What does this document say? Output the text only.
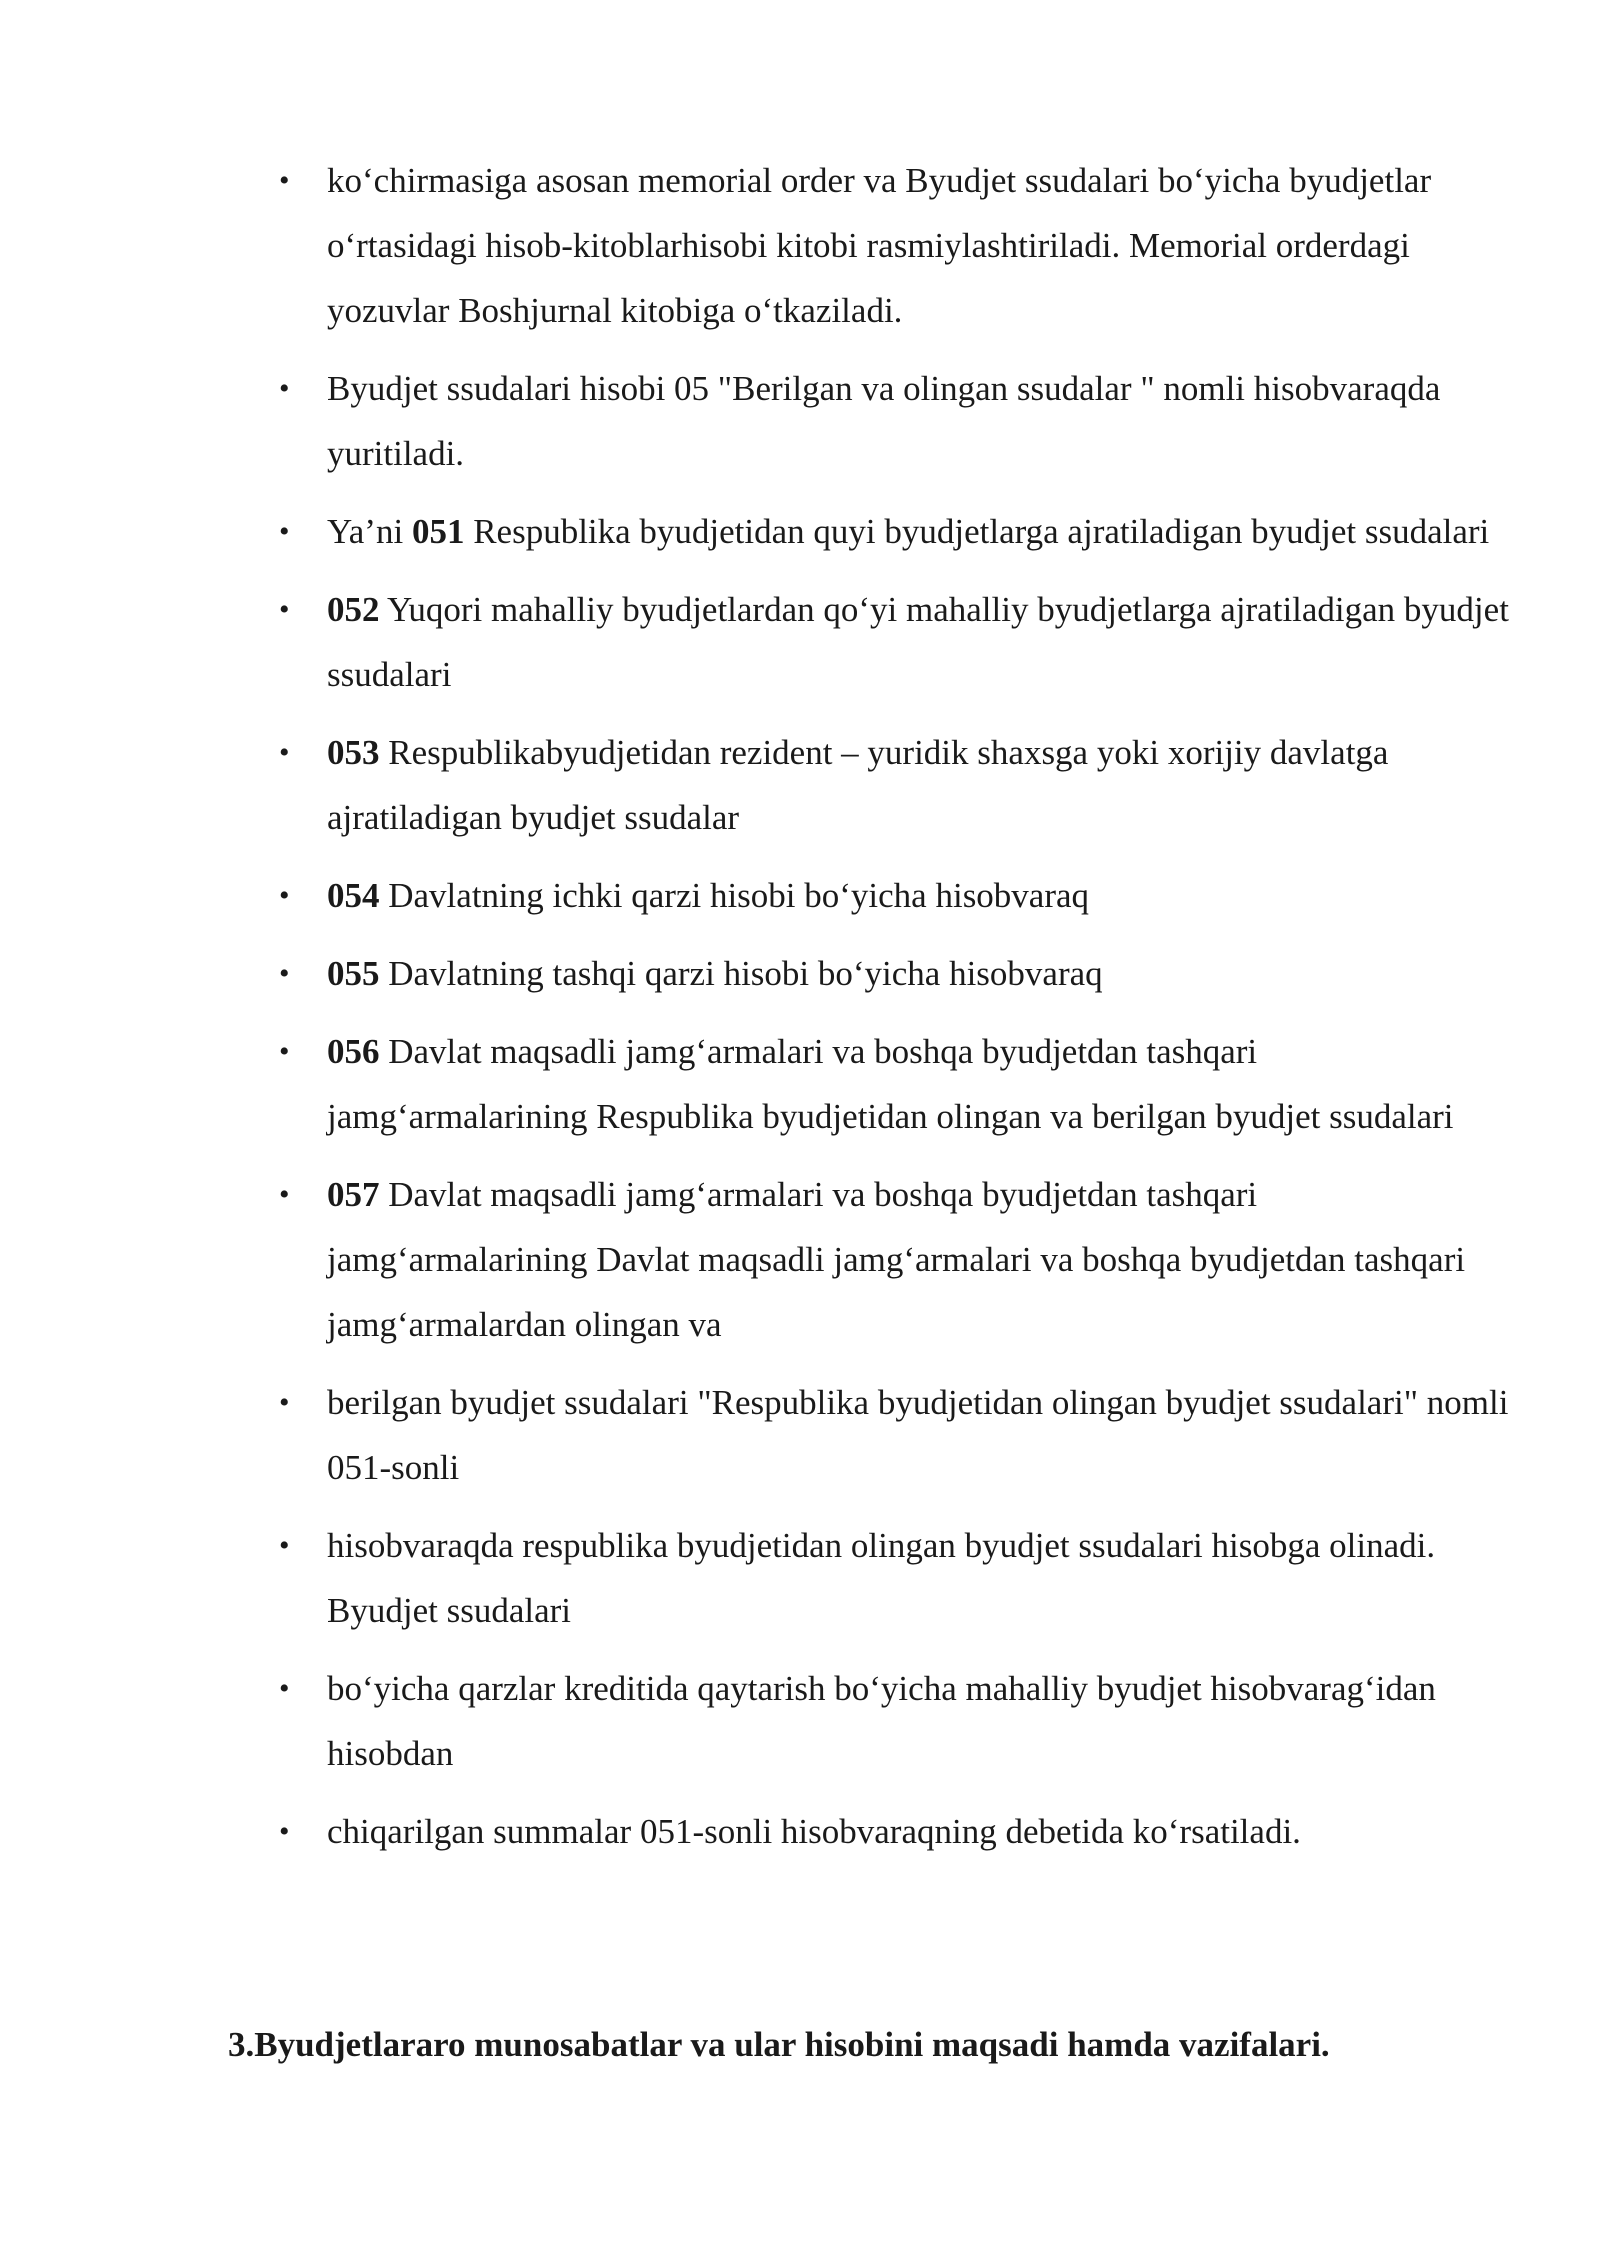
• ko‘chirmasiga asosan memorial order va Byudjet ssudalari bo‘yicha byudjetlar o‘rtasidagi hisob-kitoblarhisobi kitobi rasmiylashtiriladi. Memorial orderdagi yozuvlar Boshjurnal kitobiga o‘tkaziladi.
• Byudjet ssudalari hisobi 05 "Berilgan va olingan ssudalar " nomli hisobvaraqda yuritiladi.
• Ya’ni 051 Respublika byudjetidan quyi byudjetlarga ajratiladigan byudjet ssudalari
• 052 Yuqori mahalliy byudjetlardan qo‘yi mahalliy byudjetlarga ajratiladigan byudjet ssudalari
• 053 Respublikabyudjetidan rezident – yuridik shaxsga yoki xorijiy davlatga ajratiladigan byudjet ssudalar
• 054 Davlatning ichki qarzi hisobi bo‘yicha hisobvaraq
• 055 Davlatning tashqi qarzi hisobi bo‘yicha hisobvaraq
• 056 Davlat maqsadli jamg‘armalari va boshqa byudjetdan tashqari jamg‘armalarining Respublika byudjetidan olingan va berilgan byudjet ssudalari
• 057 Davlat maqsadli jamg‘armalari va boshqa byudjetdan tashqari jamg‘armalarining Davlat maqsadli jamg‘armalari va boshqa byudjetdan tashqari jamg‘armalardan olingan va
• berilgan byudjet ssudalari "Respublika byudjetidan olingan byudjet ssudalari" nomli 051-sonli
• hisobvaraqda respublika byudjetidan olingan byudjet ssudalari hisobga olinadi. Byudjet ssudalari
• bo‘yicha qarzlar kreditida qaytarish bo‘yicha mahalliy byudjet hisobvarag‘idan hisobdan
• chiqarilgan summalar 051-sonli hisobvaraqning debetida ko‘rsatiladi.
3.Byudjetlararo munosabatlar va ular hisobini maqsadi hamda vazifalari.
